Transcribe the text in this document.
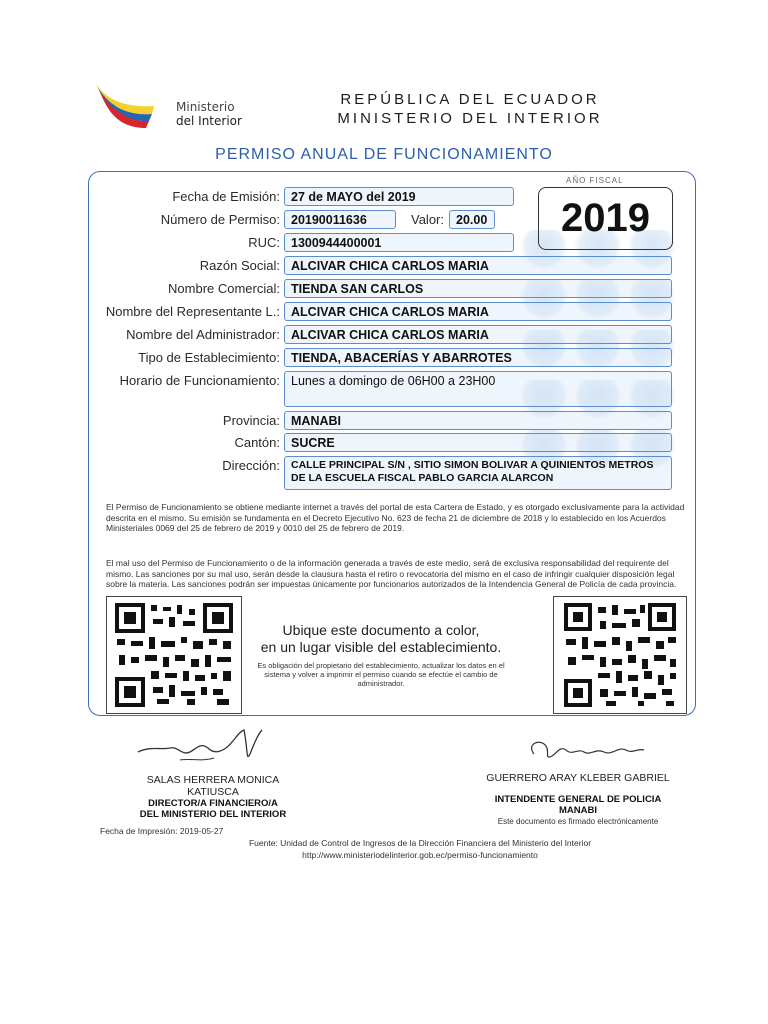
Ministerio
del Interior
REPÚBLICA DEL ECUADOR
MINISTERIO DEL INTERIOR
PERMISO ANUAL DE FUNCIONAMIENTO
AÑO FISCAL
2019
Fecha de Emisión: 27 de MAYO del 2019
Número de Permiso: 20190011636	Valor: 20.00
RUC: 1300944400001
Razón Social: ALCIVAR CHICA CARLOS MARIA
Nombre Comercial: TIENDA SAN CARLOS
Nombre del Representante L.: ALCIVAR CHICA CARLOS MARIA
Nombre del Administrador: ALCIVAR CHICA CARLOS MARIA
Tipo de Establecimiento: TIENDA, ABACERÍAS Y ABARROTES
Horario de Funcionamiento: Lunes a domingo de 06H00 a 23H00
Provincia: MANABI
Cantón: SUCRE
Dirección:	CALLE PRINCIPAL S/N , SITIO SIMON BOLIVAR A QUINIENTOS METROS DE LA ESCUELA FISCAL PABLO GARCIA ALARCON
El Permiso de Funcionamiento se obtiene mediante internet a través del portal de esta Cartera de Estado, y es otorgado exclusivamente para la actividad descrita en el mismo. Su emisión se fundamenta en el Decreto Ejecutivo No. 623 de fecha 21 de diciembre de 2018 y lo establecido en los Acuerdos Ministeriales 0069 del 25 de febrero de 2019 y 0010 del 25 de febrero de 2019.
El mal uso del Permiso de Funcionamiento o de la información generada a través de este medio, será de exclusiva responsabilidad del requirente del mismo. Las sanciones por su mal uso, serán desde la clausura hasta el retiro o revocatoria del mismo en el caso de infringir cualquier disposición legal sobre la materia. Las sanciones podrán ser impuestas únicamente por funcionarios autorizados de la Intendencia General de Policía de cada provincia.
Ubique este documento a color,
en un lugar visible del establecimiento.
Es obligación del propietario del establecimiento, actualizar los datos en el sistema y volver a imprimir el permiso cuando se efectúe el cambio de administrador.
SALAS HERRERA MONICA
KATIUSCA
DIRECTOR/A FINANCIERO/A
DEL MINISTERIO DEL INTERIOR
GUERRERO ARAY KLEBER GABRIEL
INTENDENTE GENERAL DE POLICIA
MANABI
Este documento es firmado electrónicamente
Fecha de Impresión: 2019-05-27
Fuente: Unidad de Control de Ingresos de la Dirección Financiera del Ministerio del Interior
http://www.ministeriodelinterior.gob.ec/permiso-funcionamiento
